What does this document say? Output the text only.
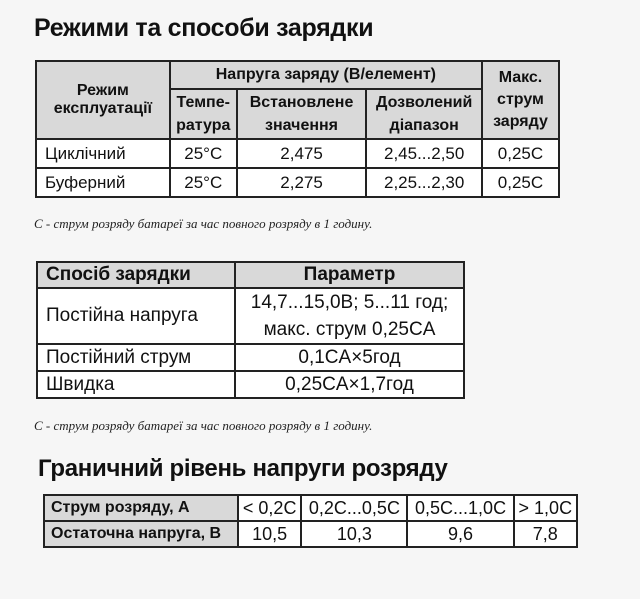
Режими та способи зарядки
Режим експлуатації	Напруга заряду (В/елемент)			Макс. струм заряду
	Темпе-ратура	Встановлене значення	Дозволений діапазон	
Циклічний	25°C	2,475	2,45...2,50	0,25C
Буферний	25°C	2,275	2,25...2,30	0,25C
C - струм розряду батареї за час повного розряду в 1 годину.
Спосіб зарядки	Параметр
Постійна напруга	14,7...15,0В; 5...11 год;
макс. струм 0,25CA

Постійний струм	0,1CA×5год
Швидка	0,25CA×1,7год
C - струм розряду батареї за час повного розряду в 1 годину.
Граничний рівень напруги розряду
Струм розряду, А	< 0,2C	0,2C...0,5C	0,5C...1,0C	> 1,0C
Остаточна напруга, В	10,5	10,3	9,6	7,8
